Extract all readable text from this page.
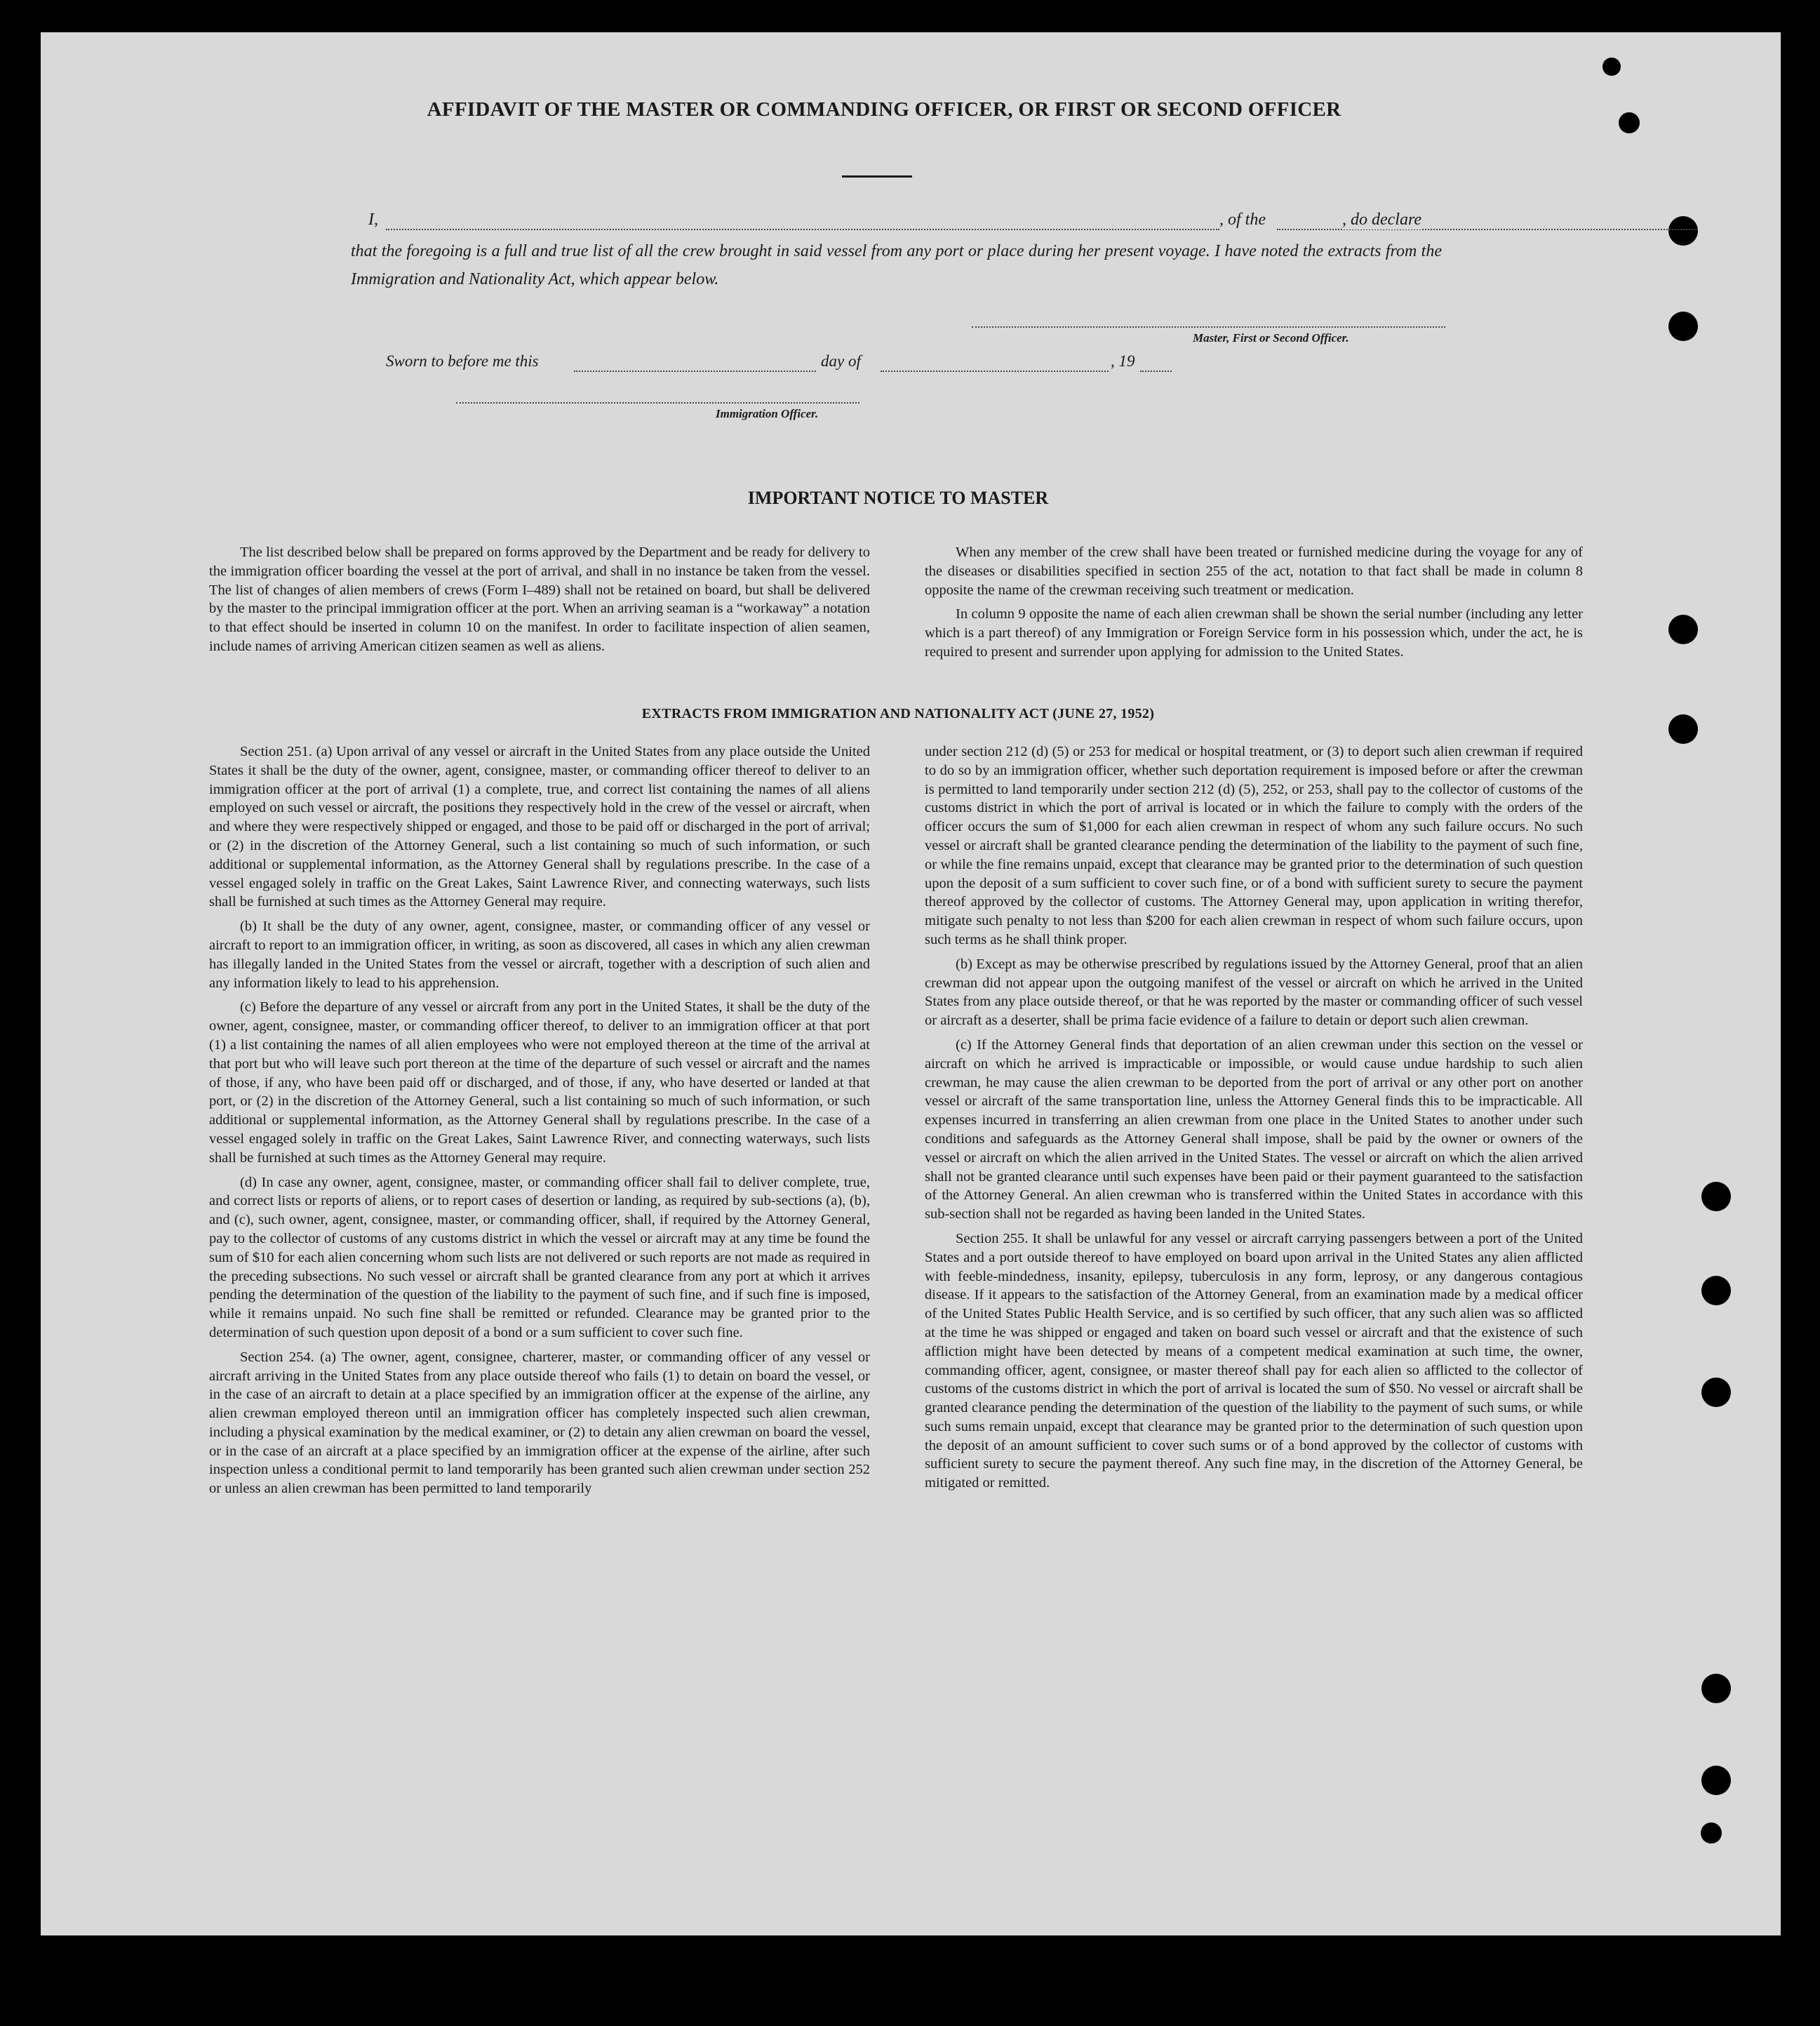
AFFIDAVIT OF THE MASTER OR COMMANDING OFFICER, OR FIRST OR SECOND OFFICER
I,	, of the	, do declare
that the foregoing is a full and true list of all the crew brought in said vessel from any port or place during her present voyage. I have noted the extracts from the Immigration and Nationality Act, which appear below.
Master, First or Second Officer.
Sworn to before me this	day of	, 19
Immigration Officer.
IMPORTANT NOTICE TO MASTER

The list described below shall be prepared on forms approved by the Department and be ready for delivery to the immigration officer boarding the vessel at the port of arrival, and shall in no instance be taken from the vessel. The list of changes of alien members of crews (Form I–489) shall not be retained on board, but shall be delivered by the master to the principal immigration officer at the port. When an arriving seaman is a “workaway” a notation to that effect should be inserted in column 10 on the manifest. In order to facilitate inspection of alien seamen, include names of arriving American citizen seamen as well as aliens.

When any member of the crew shall have been treated or furnished medicine during the voyage for any of the diseases or disabilities specified in section 255 of the act, notation to that fact shall be made in column 8 opposite the name of the crewman receiving such treatment or medication.

In column 9 opposite the name of each alien crewman shall be shown the serial number (including any letter which is a part thereof) of any Immigration or Foreign Service form in his possession which, under the act, he is required to present and surrender upon applying for admission to the United States.

EXTRACTS FROM IMMIGRATION AND NATIONALITY ACT (JUNE 27, 1952)

Section 251. (a) Upon arrival of any vessel or aircraft in the United States from any place outside the United States it shall be the duty of the owner, agent, consignee, master, or commanding officer thereof to deliver to an immigration officer at the port of arrival (1) a complete, true, and correct list containing the names of all aliens employed on such vessel or aircraft, the positions they respectively hold in the crew of the vessel or aircraft, when and where they were respectively shipped or engaged, and those to be paid off or discharged in the port of arrival; or (2) in the discretion of the Attorney General, such a list containing so much of such information, or such additional or supplemental information, as the Attorney General shall by regulations prescribe. In the case of a vessel engaged solely in traffic on the Great Lakes, Saint Lawrence River, and connecting waterways, such lists shall be furnished at such times as the Attorney General may require.

(b) It shall be the duty of any owner, agent, consignee, master, or commanding officer of any vessel or aircraft to report to an immigration officer, in writing, as soon as discovered, all cases in which any alien crewman has illegally landed in the United States from the vessel or aircraft, together with a description of such alien and any information likely to lead to his apprehension.

(c) Before the departure of any vessel or aircraft from any port in the United States, it shall be the duty of the owner, agent, consignee, master, or commanding officer thereof, to deliver to an immigration officer at that port (1) a list containing the names of all alien employees who were not employed thereon at the time of the arrival at that port but who will leave such port thereon at the time of the departure of such vessel or aircraft and the names of those, if any, who have been paid off or discharged, and of those, if any, who have deserted or landed at that port, or (2) in the discretion of the Attorney General, such a list containing so much of such information, or such additional or supplemental information, as the Attorney General shall by regulations prescribe. In the case of a vessel engaged solely in traffic on the Great Lakes, Saint Lawrence River, and connecting waterways, such lists shall be furnished at such times as the Attorney General may require.

(d) In case any owner, agent, consignee, master, or commanding officer shall fail to deliver complete, true, and correct lists or reports of aliens, or to report cases of desertion or landing, as required by sub-sections (a), (b), and (c), such owner, agent, consignee, master, or commanding officer, shall, if required by the Attorney General, pay to the collector of customs of any customs district in which the vessel or aircraft may at any time be found the sum of $10 for each alien concerning whom such lists are not delivered or such reports are not made as required in the preceding subsections. No such vessel or aircraft shall be granted clearance from any port at which it arrives pending the determination of the question of the liability to the payment of such fine, and if such fine is imposed, while it remains unpaid. No such fine shall be remitted or refunded. Clearance may be granted prior to the determination of such question upon deposit of a bond or a sum sufficient to cover such fine.

Section 254. (a) The owner, agent, consignee, charterer, master, or commanding officer of any vessel or aircraft arriving in the United States from any place outside thereof who fails (1) to detain on board the vessel, or in the case of an aircraft to detain at a place specified by an immigration officer at the expense of the airline, any alien crewman employed thereon until an immigration officer has completely inspected such alien crewman, including a physical examination by the medical examiner, or (2) to detain any alien crewman on board the vessel, or in the case of an aircraft at a place specified by an immigration officer at the expense of the airline, after such inspection unless a conditional permit to land temporarily has been granted such alien crewman under section 252 or unless an alien crewman has been permitted to land temporarily

under section 212 (d) (5) or 253 for medical or hospital treatment, or (3) to deport such alien crewman if required to do so by an immigration officer, whether such deportation requirement is imposed before or after the crewman is permitted to land temporarily under section 212 (d) (5), 252, or 253, shall pay to the collector of customs of the customs district in which the port of arrival is located or in which the failure to comply with the orders of the officer occurs the sum of $1,000 for each alien crewman in respect of whom any such failure occurs. No such vessel or aircraft shall be granted clearance pending the determination of the liability to the payment of such fine, or while the fine remains unpaid, except that clearance may be granted prior to the determination of such question upon the deposit of a sum sufficient to cover such fine, or of a bond with sufficient surety to secure the payment thereof approved by the collector of customs. The Attorney General may, upon application in writing therefor, mitigate such penalty to not less than $200 for each alien crewman in respect of whom such failure occurs, upon such terms as he shall think proper.

(b) Except as may be otherwise prescribed by regulations issued by the Attorney General, proof that an alien crewman did not appear upon the outgoing manifest of the vessel or aircraft on which he arrived in the United States from any place outside thereof, or that he was reported by the master or commanding officer of such vessel or aircraft as a deserter, shall be prima facie evidence of a failure to detain or deport such alien crewman.

(c) If the Attorney General finds that deportation of an alien crewman under this section on the vessel or aircraft on which he arrived is impracticable or impossible, or would cause undue hardship to such alien crewman, he may cause the alien crewman to be deported from the port of arrival or any other port on another vessel or aircraft of the same transportation line, unless the Attorney General finds this to be impracticable. All expenses incurred in transferring an alien crewman from one place in the United States to another under such conditions and safeguards as the Attorney General shall impose, shall be paid by the owner or owners of the vessel or aircraft on which the alien arrived in the United States. The vessel or aircraft on which the alien arrived shall not be granted clearance until such expenses have been paid or their payment guaranteed to the satisfaction of the Attorney General. An alien crewman who is transferred within the United States in accordance with this sub-section shall not be regarded as having been landed in the United States.

Section 255. It shall be unlawful for any vessel or aircraft carrying passengers between a port of the United States and a port outside thereof to have employed on board upon arrival in the United States any alien afflicted with feeble-mindedness, insanity, epilepsy, tuberculosis in any form, leprosy, or any dangerous contagious disease. If it appears to the satisfaction of the Attorney General, from an examination made by a medical officer of the United States Public Health Service, and is so certified by such officer, that any such alien was so afflicted at the time he was shipped or engaged and taken on board such vessel or aircraft and that the existence of such affliction might have been detected by means of a competent medical examination at such time, the owner, commanding officer, agent, consignee, or master thereof shall pay for each alien so afflicted to the collector of customs of the customs district in which the port of arrival is located the sum of $50. No vessel or aircraft shall be granted clearance pending the determination of the question of the liability to the payment of such sums, or while such sums remain unpaid, except that clearance may be granted prior to the determination of such question upon the deposit of an amount sufficient to cover such sums or of a bond approved by the collector of customs with sufficient surety to secure the payment thereof. Any such fine may, in the discretion of the Attorney General, be mitigated or remitted.
